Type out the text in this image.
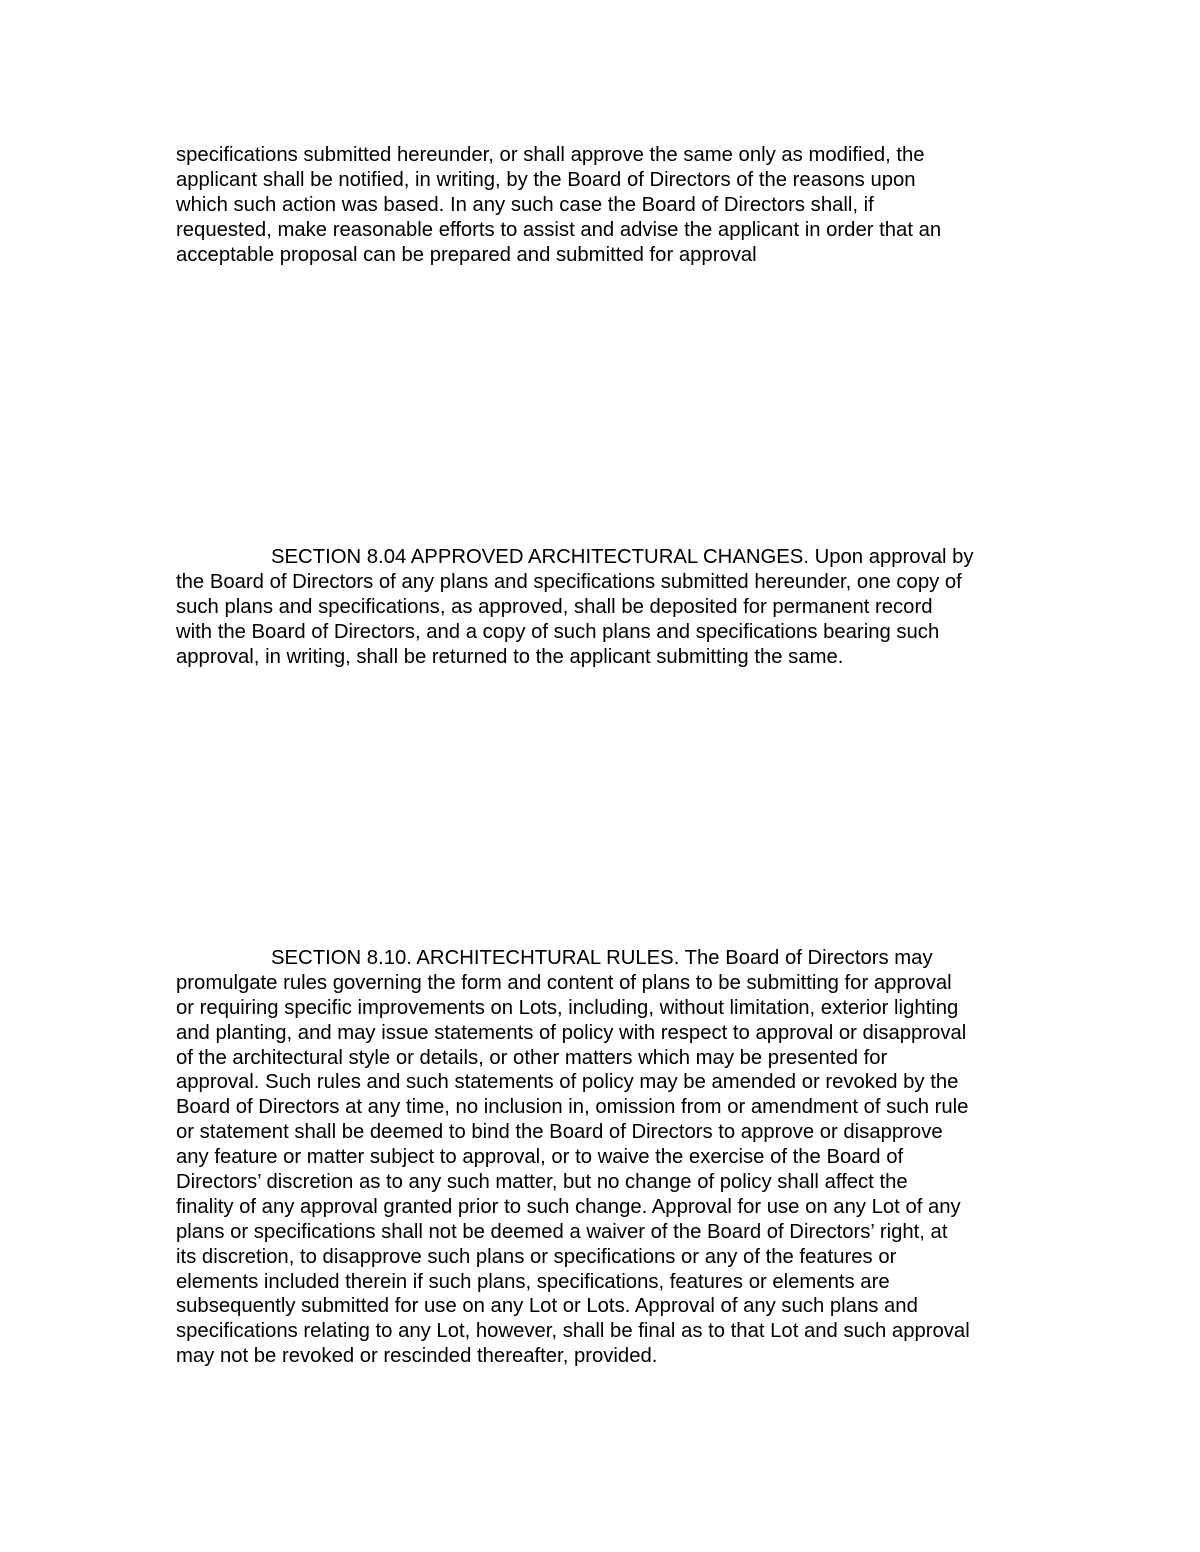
specifications submitted hereunder, or shall approve the same only as modified, the
applicant shall be notified, in writing, by the Board of Directors of the reasons upon
which such action was based. In any such case the Board of Directors shall, if
requested, make reasonable efforts to assist and advise the applicant in order that an
acceptable proposal can be prepared and submitted for approval
SECTION 8.04 APPROVED ARCHITECTURAL CHANGES. Upon approval by
the Board of Directors of any plans and specifications submitted hereunder, one copy of
such plans and specifications, as approved, shall be deposited for permanent record
with the Board of Directors, and a copy of such plans and specifications bearing such
approval, in writing, shall be returned to the applicant submitting the same.
SECTION 8.10. ARCHITECHTURAL RULES. The Board of Directors may
promulgate rules governing the form and content of plans to be submitting for approval
or requiring specific improvements on Lots, including, without limitation, exterior lighting
and planting, and may issue statements of policy with respect to approval or disapproval
of the architectural style or details, or other matters which may be presented for
approval. Such rules and such statements of policy may be amended or revoked by the
Board of Directors at any time, no inclusion in, omission from or amendment of such rule
or statement shall be deemed to bind the Board of Directors to approve or disapprove
any feature or matter subject to approval, or to waive the exercise of the Board of
Directors’ discretion as to any such matter, but no change of policy shall affect the
finality of any approval granted prior to such change. Approval for use on any Lot of any
plans or specifications shall not be deemed a waiver of the Board of Directors’ right, at
its discretion, to disapprove such plans or specifications or any of the features or
elements included therein if such plans, specifications, features or elements are
subsequently submitted for use on any Lot or Lots. Approval of any such plans and
specifications relating to any Lot, however, shall be final as to that Lot and such approval
may not be revoked or rescinded thereafter, provided.
